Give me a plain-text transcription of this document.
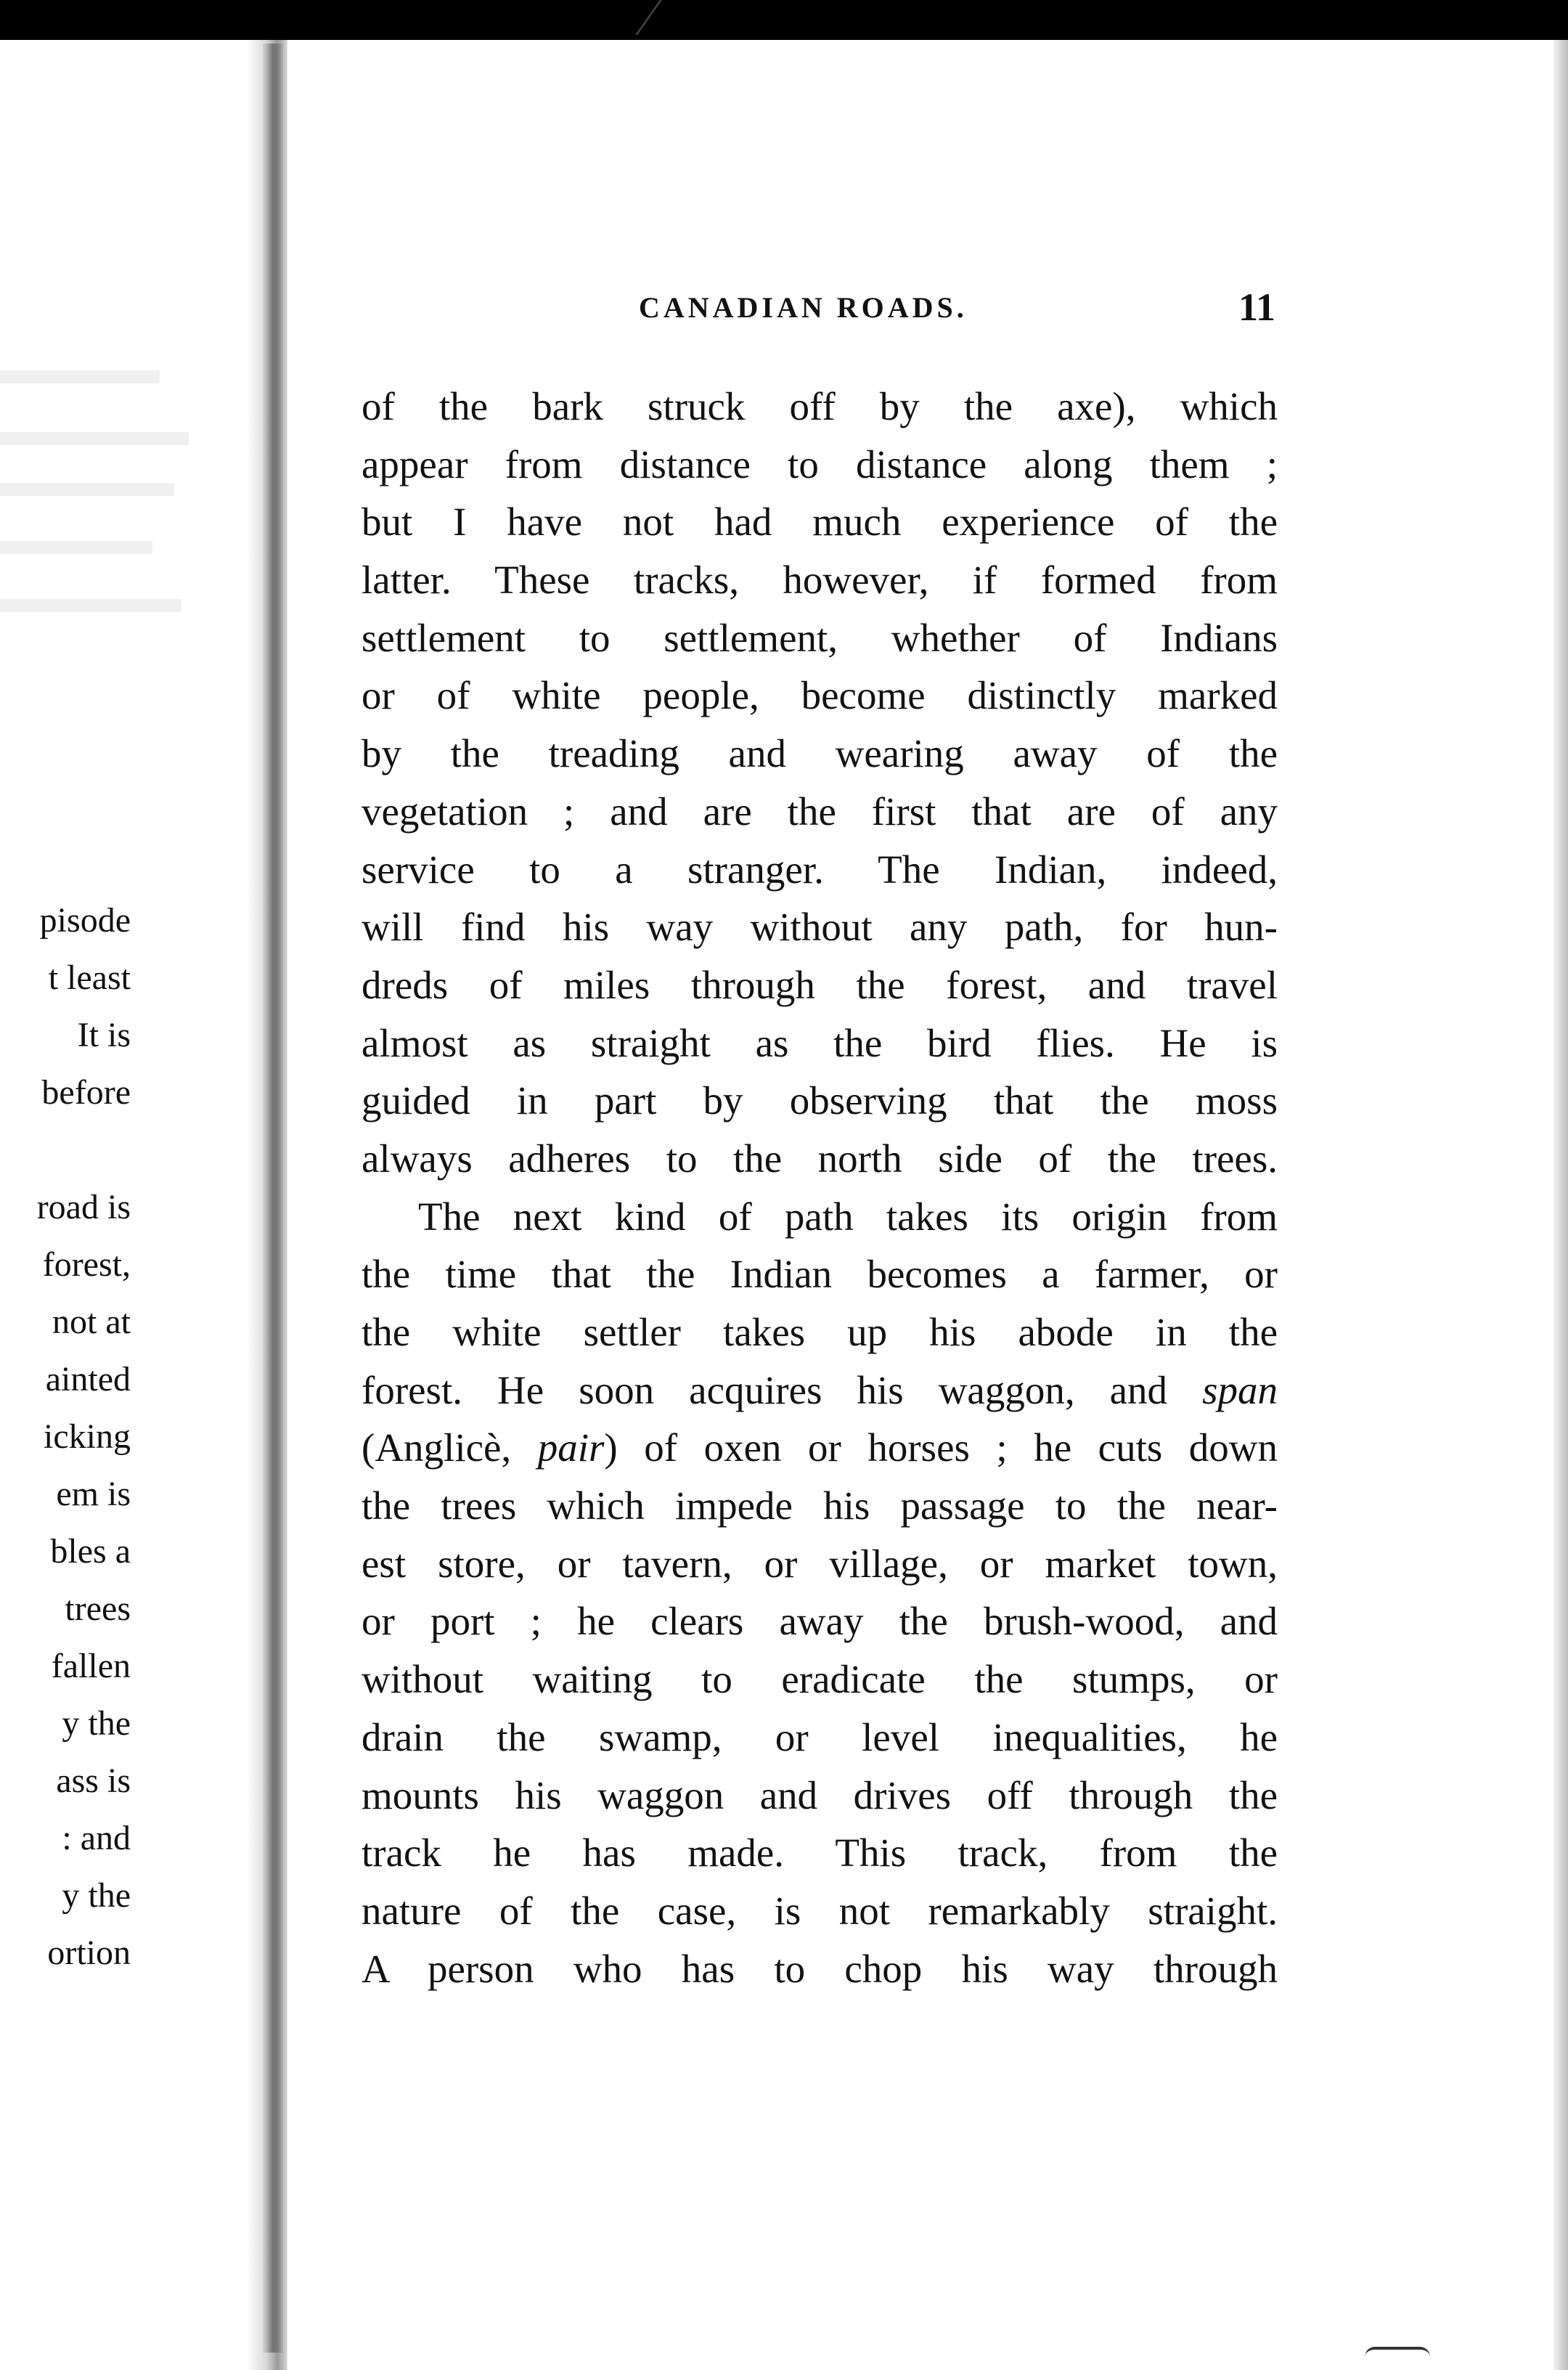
pisode
t least
It is
before
road is
forest,
not at
ainted
icking
em is
bles a
trees
fallen
y the
ass is
: and
y the
ortion
CANADIAN ROADS.	11
of the bark struck off by the axe), which
appear from distance to distance along them ;
but I have not had much experience of the
latter. These tracks, however, if formed from
settlement to settlement, whether of Indians
or of white people, become distinctly marked
by the treading and wearing away of the
vegetation ; and are the first that are of any
service to a stranger. The Indian, indeed,
will find his way without any path, for hun-
dreds of miles through the forest, and travel
almost as straight as the bird flies. He is
guided in part by observing that the moss
always adheres to the north side of the trees.
The next kind of path takes its origin from
the time that the Indian becomes a farmer, or
the white settler takes up his abode in the
forest. He soon acquires his waggon, and span
(Anglicè, pair) of oxen or horses ; he cuts down
the trees which impede his passage to the near-
est store, or tavern, or village, or market town,
or port ; he clears away the brush-wood, and
without waiting to eradicate the stumps, or
drain the swamp, or level inequalities, he
mounts his waggon and drives off through the
track he has made. This track, from the
nature of the case, is not remarkably straight.
A person who has to chop his way through
